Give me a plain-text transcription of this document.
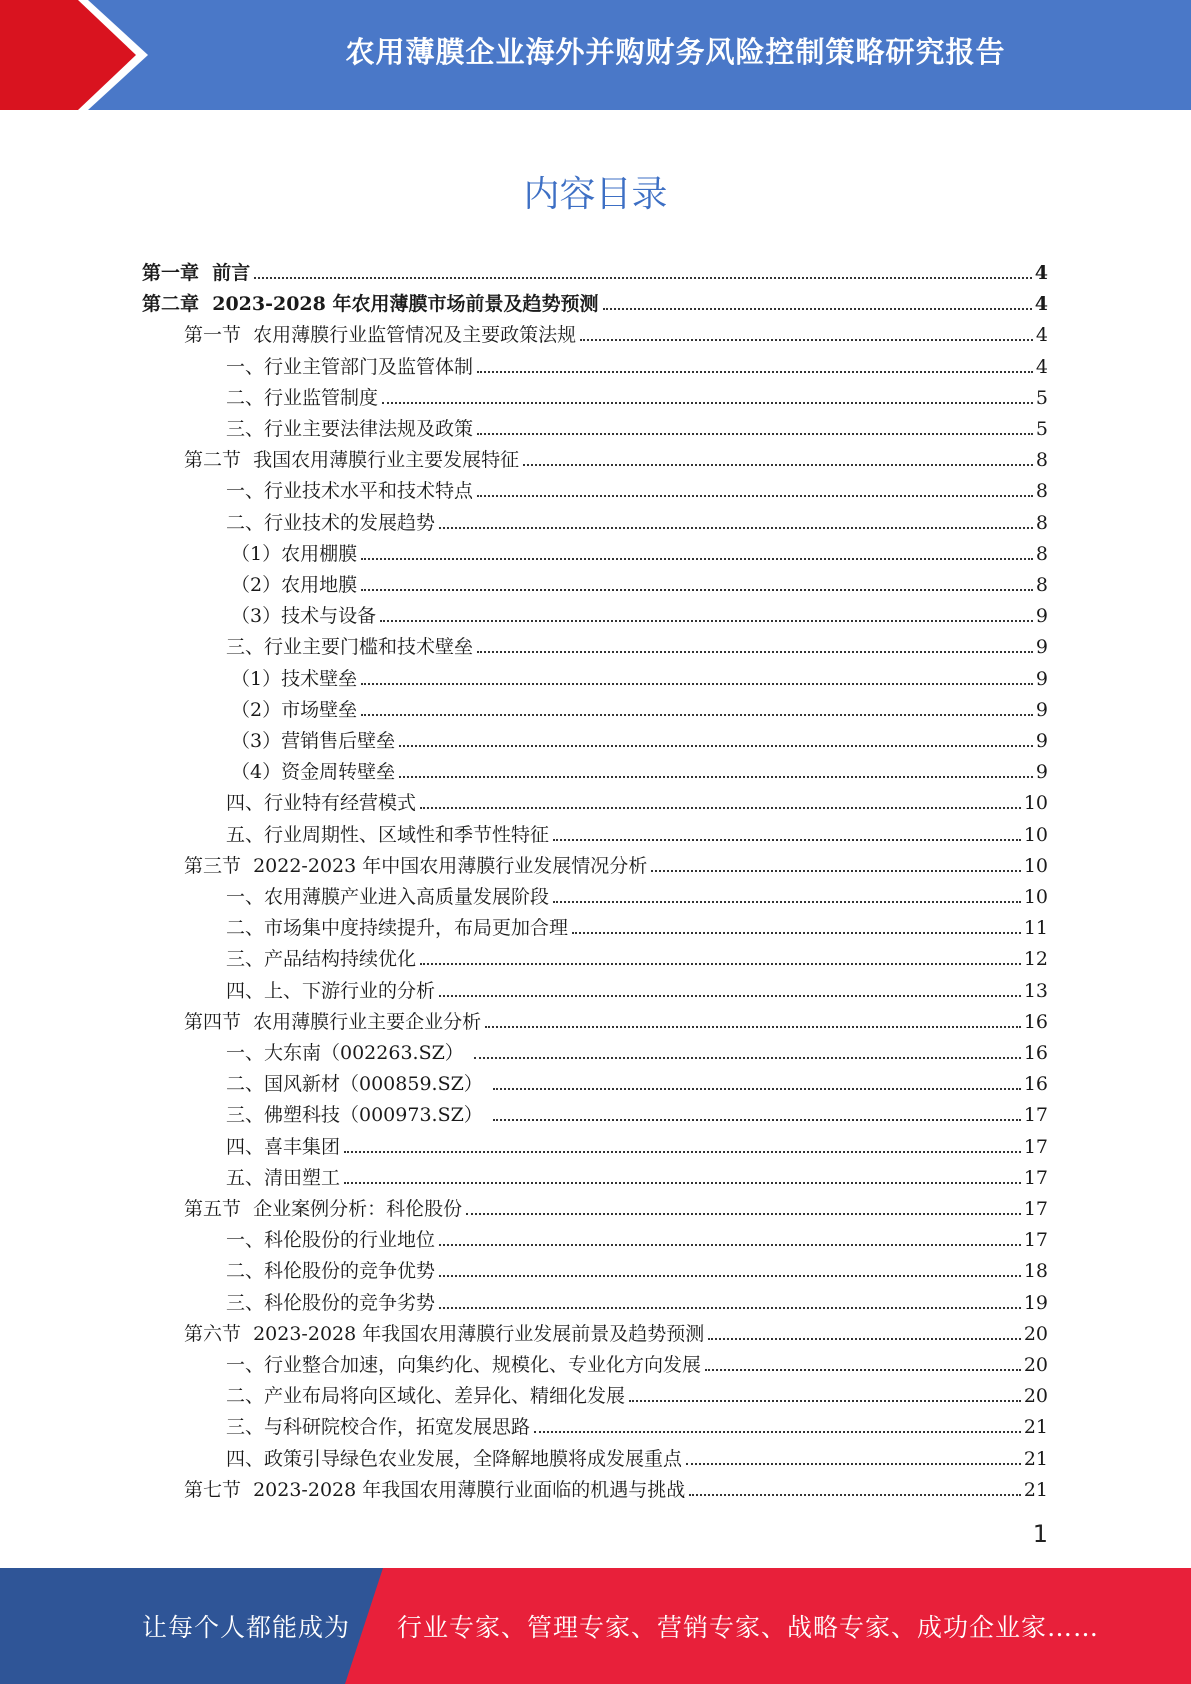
农用薄膜企业海外并购财务风险控制策略研究报告
内容目录
第一章  前言	4
第二章  2023-2028 年农用薄膜市场前景及趋势预测	4
第一节  农用薄膜行业监管情况及主要政策法规	4
一、行业主管部门及监管体制	4
二、行业监管制度	5
三、行业主要法律法规及政策	5
第二节  我国农用薄膜行业主要发展特征	8
一、行业技术水平和技术特点	8
二、行业技术的发展趋势	8
（1）农用棚膜	8
（2）农用地膜	8
（3）技术与设备	9
三、行业主要门槛和技术壁垒	9
（1）技术壁垒	9
（2）市场壁垒	9
（3）营销售后壁垒	9
（4）资金周转壁垒	9
四、行业特有经营模式	10
五、行业周期性、区域性和季节性特征	10
第三节  2022-2023 年中国农用薄膜行业发展情况分析	10
一、农用薄膜产业进入高质量发展阶段	10
二、市场集中度持续提升，布局更加合理	11
三、产品结构持续优化	12
四、上、下游行业的分析	13
第四节  农用薄膜行业主要企业分析	16
一、大东南（002263.SZ）	16
二、国风新材（000859.SZ）	16
三、佛塑科技（000973.SZ）	17
四、喜丰集团	17
五、清田塑工	17
第五节  企业案例分析：科伦股份	17
一、科伦股份的行业地位	17
二、科伦股份的竞争优势	18
三、科伦股份的竞争劣势	19
第六节  2023-2028 年我国农用薄膜行业发展前景及趋势预测	20
一、行业整合加速，向集约化、规模化、专业化方向发展	20
二、产业布局将向区域化、差异化、精细化发展	20
三、与科研院校合作，拓宽发展思路	21
四、政策引导绿色农业发展，全降解地膜将成发展重点	21
第七节  2023-2028 年我国农用薄膜行业面临的机遇与挑战	21
1
让每个人都能成为 行业专家、管理专家、营销专家、战略专家、成功企业家……
